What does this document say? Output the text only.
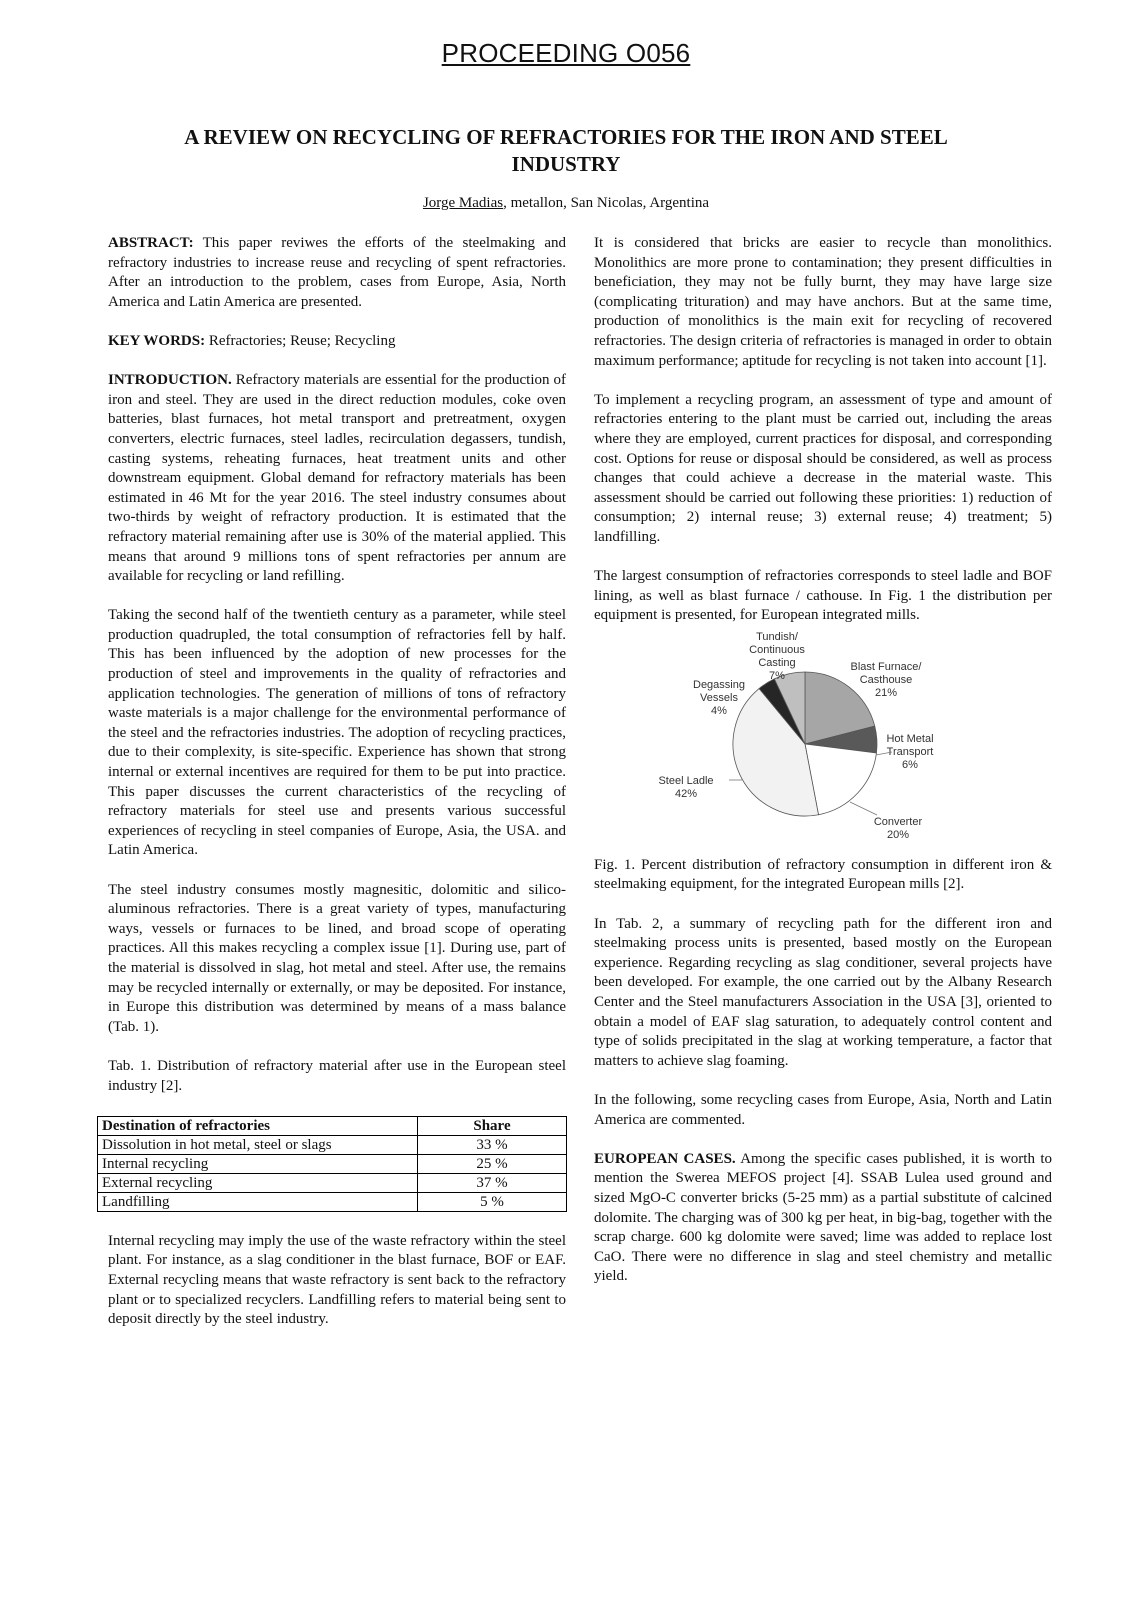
PROCEEDING O056
A REVIEW ON RECYCLING OF REFRACTORIES FOR THE IRON AND STEEL INDUSTRY
Jorge Madias, metallon, San Nicolas, Argentina

ABSTRACT: This paper reviwes the efforts of the steelmaking and refractory industries to increase reuse and recycling of spent refractories. After an introduction to the problem, cases from Europe, Asia, North America and Latin America are presented.

KEY WORDS: Refractories; Reuse; Recycling

INTRODUCTION. Refractory materials are essential for the production of iron and steel. They are used in the direct reduction modules, coke oven batteries, blast furnaces, hot metal transport and pretreatment, oxygen converters, electric furnaces, steel ladles, recirculation degassers, tundish, casting systems, reheating furnaces, heat treatment units and other downstream equipment. Global demand for refractory materials has been estimated in 46 Mt for the year 2016. The steel industry consumes about two-thirds by weight of refractory production. It is estimated that the refractory material remaining after use is 30% of the material applied. This means that around 9 millions tons of spent refractories per annum are available for recycling or land refilling.

Taking the second half of the twentieth century as a parameter, while steel production quadrupled, the total consumption of refractories fell by half. This has been influenced by the adoption of new processes for the production of steel and improvements in the quality of refractories and application technologies. The generation of millions of tons of refractory waste materials is a major challenge for the environmental performance of the steel and the refractories industries. The adoption of recycling practices, due to their complexity, is site-specific. Experience has shown that strong internal or external incentives are required for them to be put into practice. This paper discusses the current characteristics of the recycling of refractory materials for steel use and presents various successful experiences of recycling in steel companies of Europe, Asia, the USA. and Latin America.

The steel industry consumes mostly magnesitic, dolomitic and silico-aluminous refractories. There is a great variety of types, manufacturing ways, vessels or furnaces to be lined, and broad scope of operating practices. All this makes recycling a complex issue [1]. During use, part of the material is dissolved in slag, hot metal and steel. After use, the remains may be recycled internally or externally, or may be deposited. For instance, in Europe this distribution was determined by means of a mass balance (Tab. 1).

Tab. 1. Distribution of refractory material after use in the European steel industry [2].

Destination of refractories	Share
Dissolution in hot metal, steel or slags	33 %
Internal recycling	25 %
External recycling	37 %
Landfilling	5 %

Internal recycling may imply the use of the waste refractory within the steel plant. For instance, as a slag conditioner in the blast furnace, BOF or EAF. External recycling means that waste refractory is sent back to the refractory plant or to specialized recyclers. Landfilling refers to material being sent to deposit directly by the steel industry.

It is considered that bricks are easier to recycle than monolithics. Monolithics are more prone to contamination; they present difficulties in beneficiation, they may not be fully burnt, they may have large size (complicating trituration) and may have anchors. But at the same time, production of monolithics is the main exit for recycling of recovered refractories. The design criteria of refractories is managed in order to obtain maximum performance; aptitude for recycling is not taken into account [1].

To implement a recycling program, an assessment of type and amount of refractories entering to the plant must be carried out, including the areas where they are employed, current practices for disposal, and corresponding cost. Options for reuse or disposal should be considered, as well as process changes that could achieve a decrease in the material waste. This assessment should be carried out following these priorities: 1) reduction of consumption; 2) internal reuse; 3) external reuse; 4) treatment; 5) landfilling.

The largest consumption of refractories corresponds to steel ladle and BOF lining, as well as blast furnace / cathouse. In Fig. 1 the distribution per equipment is presented, for European integrated mills.

Blast Furnace/ Casthouse 21%
Hot Metal Transport 6%
Converter 20%
Steel Ladle 42%
Degassing Vessels 4%
Tundish/ Continuous Casting 7%

Fig. 1. Percent distribution of refractory consumption in different iron & steelmaking equipment, for the integrated European mills [2].

In Tab. 2, a summary of recycling path for the different iron and steelmaking process units is presented, based mostly on the European experience. Regarding recycling as slag conditioner, several projects have been developed. For example, the one carried out by the Albany Research Center and the Steel manufacturers Association in the USA [3], oriented to obtain a model of EAF slag saturation, to adequately control content and type of solids precipitated in the slag at working temperature, a factor that matters to achieve slag foaming.

In the following, some recycling cases from Europe, Asia, North and Latin America are commented.

EUROPEAN CASES. Among the specific cases published, it is worth to mention the Swerea MEFOS project [4]. SSAB Lulea used ground and sized MgO-C converter bricks (5-25 mm) as a partial substitute of calcined dolomite. The charging was of 300 kg per heat, in big-bag, together with the scrap charge. 600 kg dolomite were saved; lime was added to replace lost CaO. There were no difference in slag and steel chemistry and metallic yield.
